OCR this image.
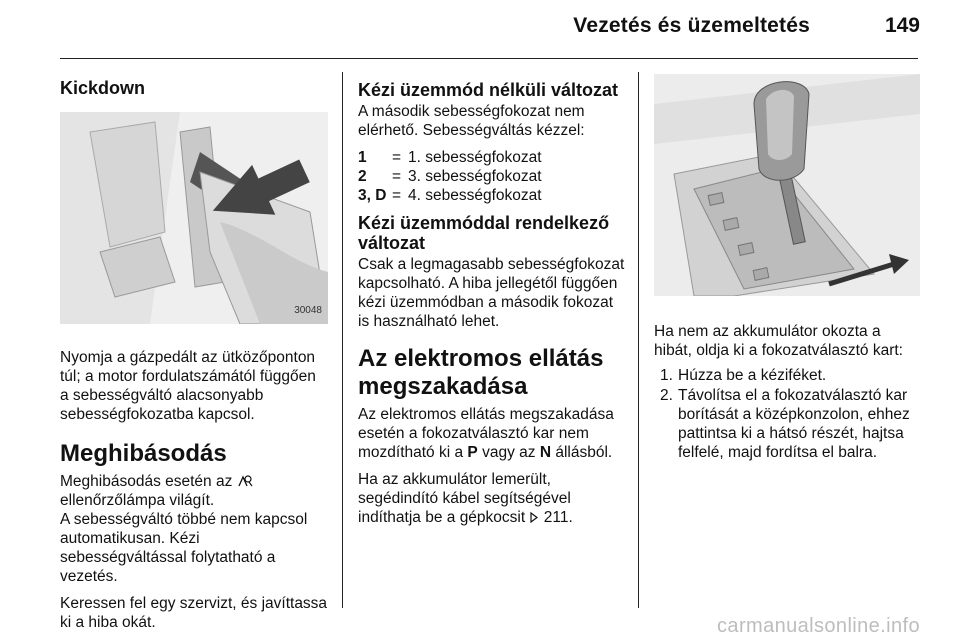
Vezetés és üzemeltetés	149
Kickdown
30048

Nyomja a gázpedált az ütközőponton túl; a motor fordulatszámától függően a sebességváltó alacsonyabb sebességfokozatba kapcsol.

Meghibásodás

Meghibásodás esetén az
ellenőrzőlámpa világít.

A sebességváltó többé nem kapcsol automatikusan. Kézi sebességváltással folytatható a vezetés.

Keressen fel egy szervizt, és javíttassa ki a hiba okát.

Kézi üzemmód nélküli változat

A második sebességfokozat nem elérhető. Sebességváltás kézzel:

1	=	1. sebességfokozat
2	=	3. sebességfokozat
3, D	=	4. sebességfokozat
Kézi üzemmóddal rendelkező változat

Csak a legmagasabb sebességfokozat kapcsolható. A hiba jellegétől függően kézi üzemmódban a második fokozat is használható lehet.

Az elektromos ellátás megszakadása

Az elektromos ellátás megszakadása esetén a fokozatválasztó kar nem mozdítható ki a P vagy az N állásból.

Ha az akkumulátor lemerült, segédindító kábel segítségével indíthatja be a gépkocsit 211.

Ha nem az akkumulátor okozta a hibát, oldja ki a fokozatválasztó kart:

1. Húzza be a kéziféket.
2. Távolítsa el a fokozatválasztó kar borítását a középkonzolon, ehhez pattintsa ki a hátsó részét, hajtsa felfelé, majd fordítsa el balra.
carmanualsonline.info
